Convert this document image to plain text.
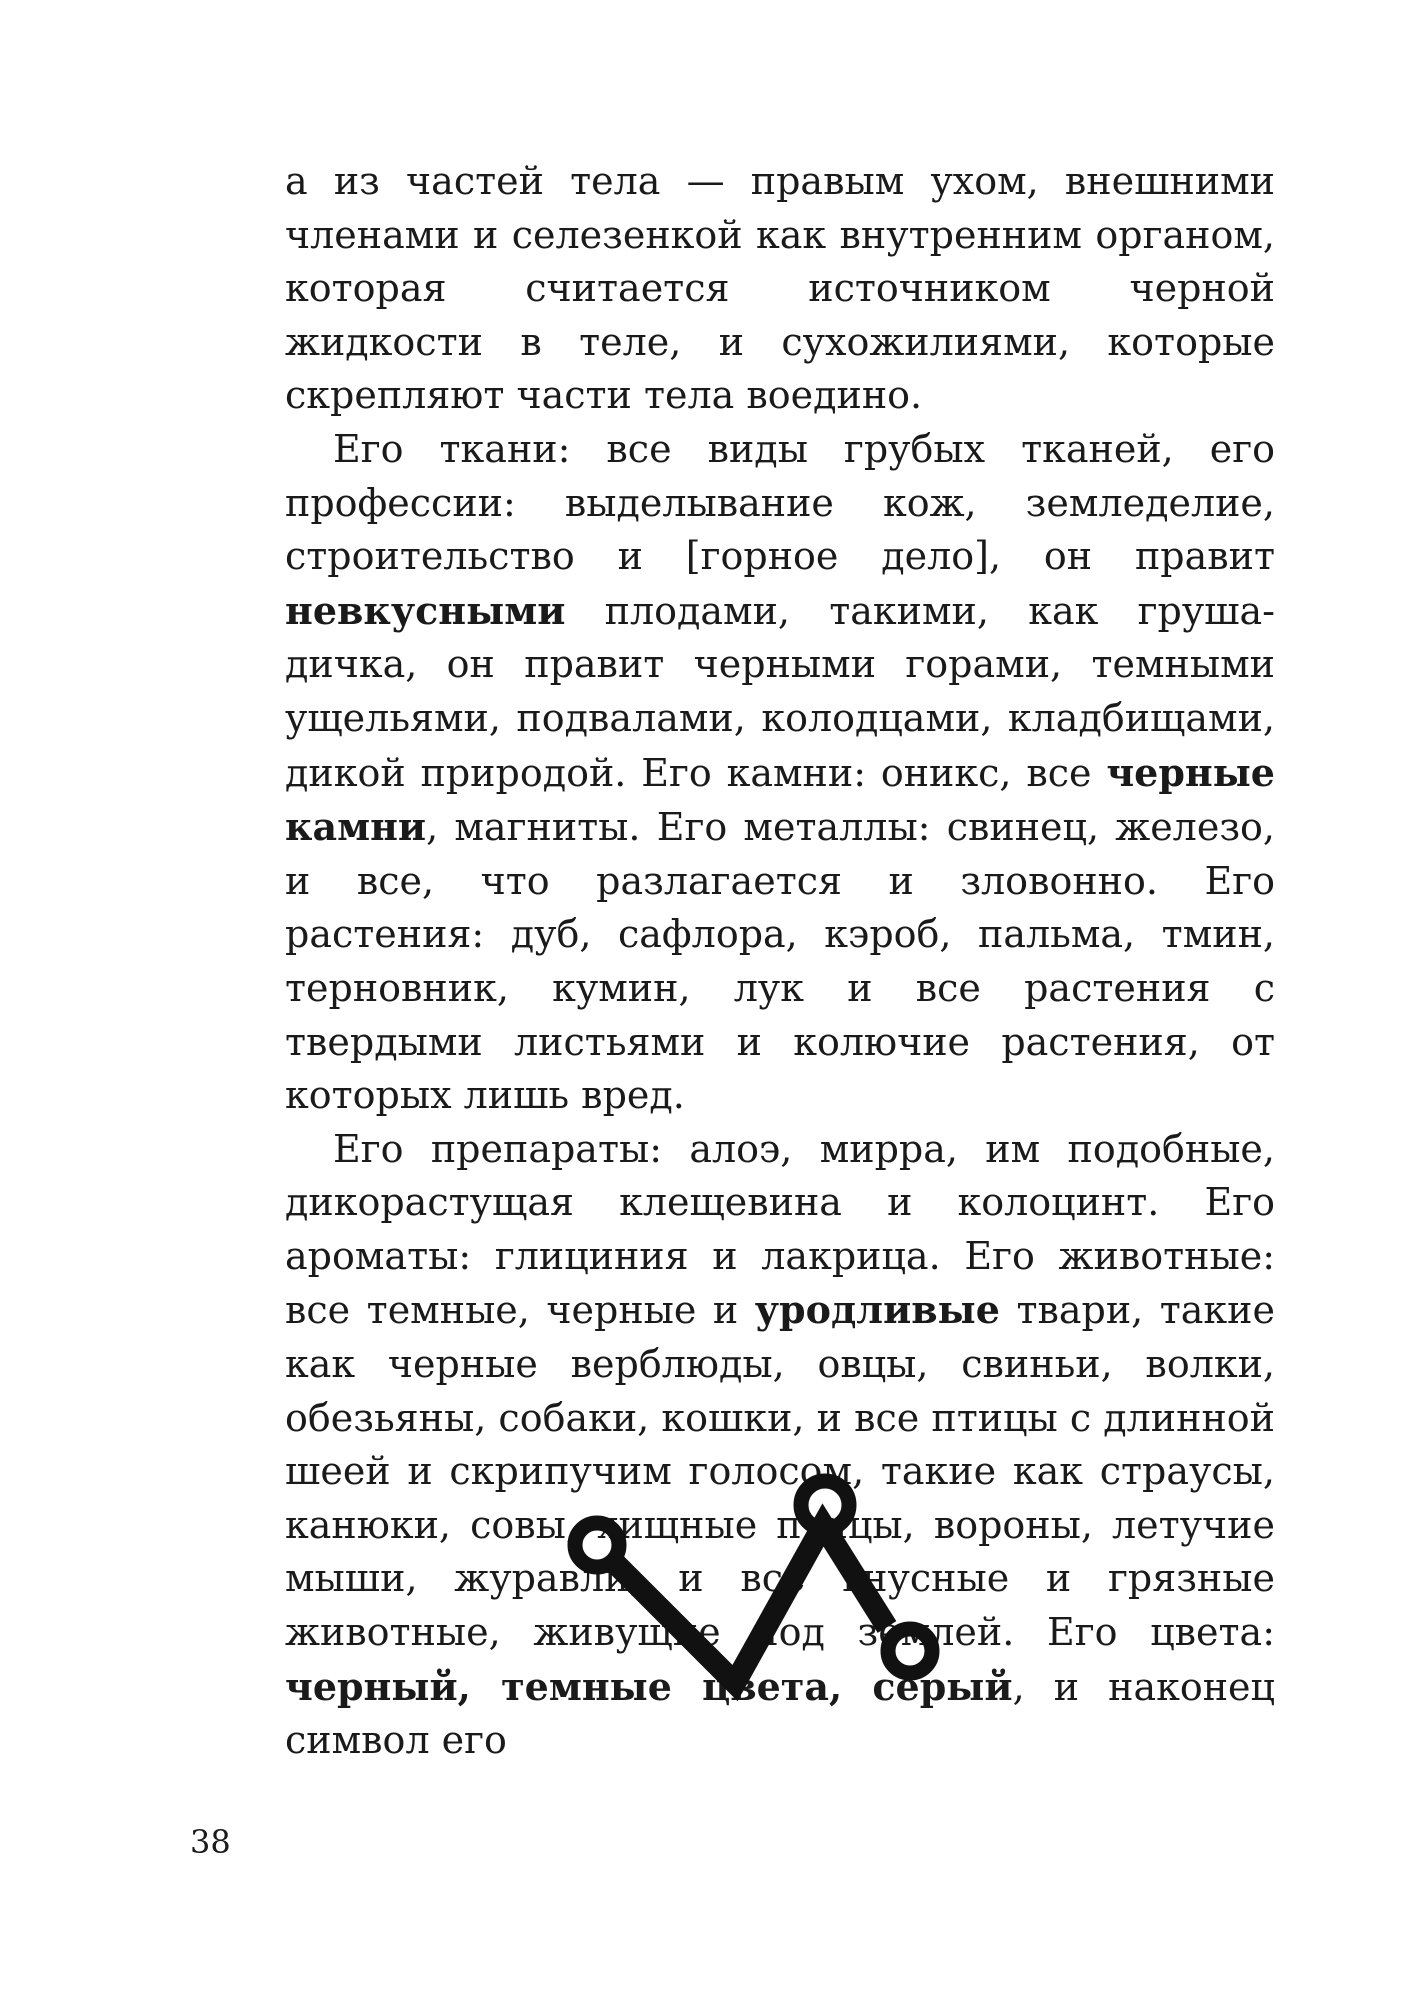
а из частей тела — правым ухом, внешними членами и селезенкой как внутренним органом, которая считается источником черной жидкости в теле, и сухожилиями, которые скрепляют части тела воедино.

Его ткани: все виды грубых тканей, его профессии: выделывание кож, земледелие, строительство и [горное дело], он правит невкусными плодами, такими, как груша-дичка, он правит черными горами, темными ущельями, подвалами, колодцами, кладбищами, дикой природой. Его камни: оникс, все черные камни, магниты. Его металлы: свинец, железо, и все, что разлагается и зловонно. Его растения: дуб, сафлора, кэроб, пальма, тмин, терновник, кумин, лук и все растения с твердыми листьями и колючие растения, от которых лишь вред.

Его препараты: алоэ, мирра, им подобные, дикорастущая клещевина и колоцинт. Его ароматы: глициния и лакрица. Его животные: все темные, черные и уродливые твари, такие как черные верблюды, овцы, свиньи, волки, обезьяны, собаки, кошки, и все птицы с длинной шеей и скрипучим голосом, такие как страусы, канюки, совы, хищные птицы, вороны, летучие мыши, журавли, и все гнусные и грязные животные, живущие под землей. Его цвета: черный, темные цвета, серый, и наконец символ его

38
